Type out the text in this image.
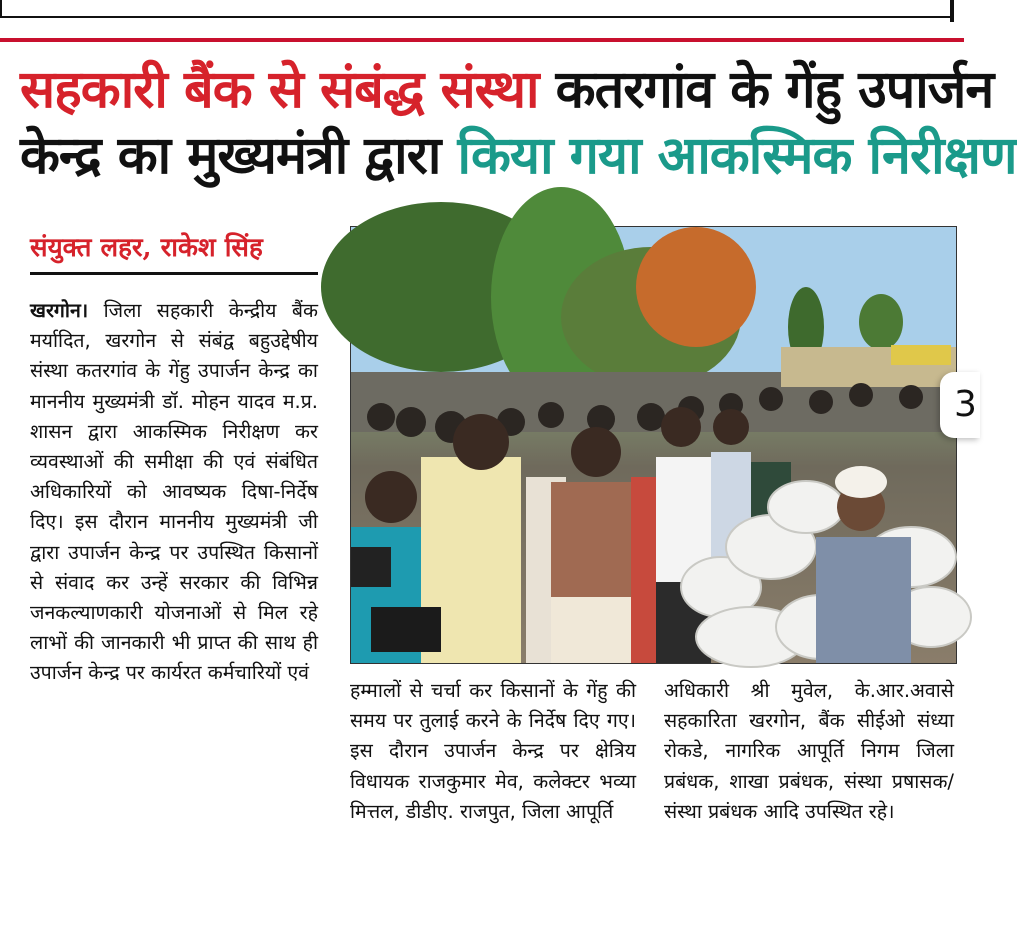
सहकारी बैंक से संबंद्ध संस्था कतरगांव के गेंहु उपार्जन
केन्द्र का मुख्यमंत्री द्वारा किया गया आकस्मिक निरीक्षण
संयुक्त लहर, राकेश सिंह
3

खरगोन। जिला सहकारी केन्द्रीय बैंक मर्यादित, खरगोन से संबंद्व बहुउद्देषीय संस्था कतरगांव के गेंहु उपार्जन केन्द्र का माननीय मुख्यमंत्री डॉ. मोहन यादव म.प्र. शासन द्वारा आकस्मिक निरीक्षण कर व्यवस्थाओं की समीक्षा की एवं संबंधित अधिकारियों को आवष्यक दिषा-निर्देष दिए। इस दौरान माननीय मुख्यमंत्री जी द्वारा उपार्जन केन्द्र पर उपस्थित किसानों से संवाद कर उन्हें सरकार की विभिन्न जनकल्याणकारी योजनाओं से मिल रहे लाभों की जानकारी भी प्राप्त की साथ ही उपार्जन केन्द्र पर कार्यरत कर्मचारियों एवं

हम्मालों से चर्चा कर किसानों के गेंहु की समय पर तुलाई करने के निर्देष दिए गए। इस दौरान उपार्जन केन्द्र पर क्षेत्रिय विधायक राजकुमार मेव, कलेक्टर भव्या मित्तल, डीडीए. राजपुत, जिला आपूर्ति

अधिकारी श्री मुवेल, के.आर.अवासे सहकारिता खरगोन, बैंक सीईओ संध्या रोकडे, नागरिक आपूर्ति निगम जिला प्रबंधक, शाखा प्रबंधक, संस्था प्रषासक/संस्था प्रबंधक आदि उपस्थित रहे।
